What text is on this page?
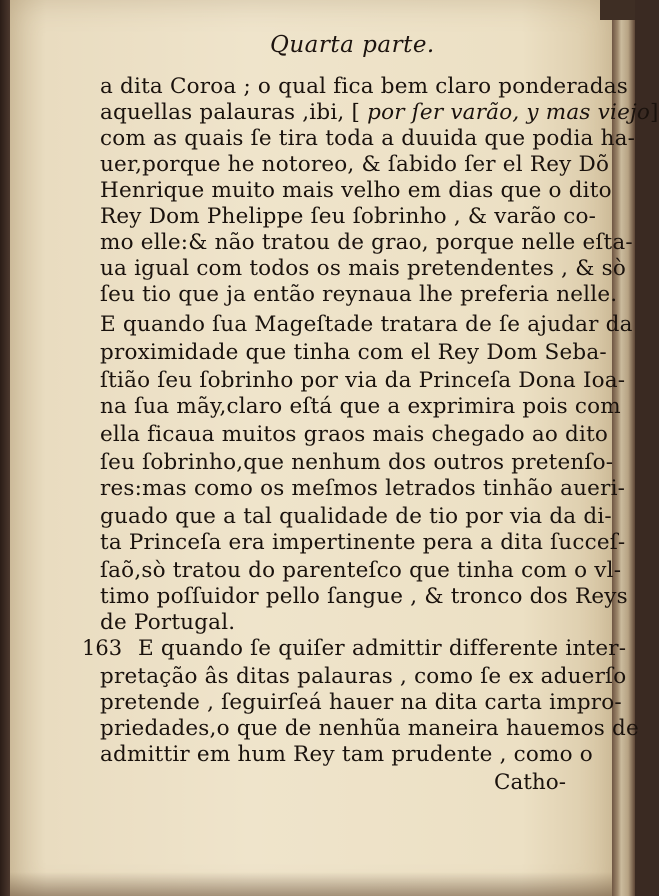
Quarta parte.
a dita Coroa ; o qual fica bem claro ponderadas
aquellas palauras ,ibi, [ por ſer varão, y mas viejo]
com as quais ſe tira toda a duuida que podia ha-
uer,porque he notoreo, & ſabido ſer el Rey Dõ
Henrique muito mais velho em dias que o dito
Rey Dom Phelippe ſeu ſobrinho , & varão co-
mo elle:& não tratou de grao, porque nelle eſta-
ua igual com todos os mais pretendentes , & sò
ſeu tio que ja então reynaua lhe preferia nelle.
E quando ſua Mageſtade tratara de ſe ajudar da
proximidade que tinha com el Rey Dom Seba-
ſtião ſeu ſobrinho por via da Princeſa Dona Ioa-
na ſua mãy,claro eſtá que a exprimira pois com
ella ficaua muitos graos mais chegado ao dito
ſeu ſobrinho,que nenhum dos outros pretenſo-
res:mas como os meſmos letrados tinhão aueri-
guado que a tal qualidade de tio por via da di-
ta Princeſa era impertinente pera a dita ſucceſ-
ſaõ,sò tratou do parenteſco que tinha com o vl-
timo poſſuidor pello ſangue , & tronco dos Reys
de Portugal.
163 E quando ſe quiſer admittir differente inter-
pretação âs ditas palauras , como ſe ex aduerſo
pretende , ſeguirſeá hauer na dita carta impro-
priedades,o que de nenhũa maneira hauemos de
admittir em hum Rey tam prudente , como o
Catho-
